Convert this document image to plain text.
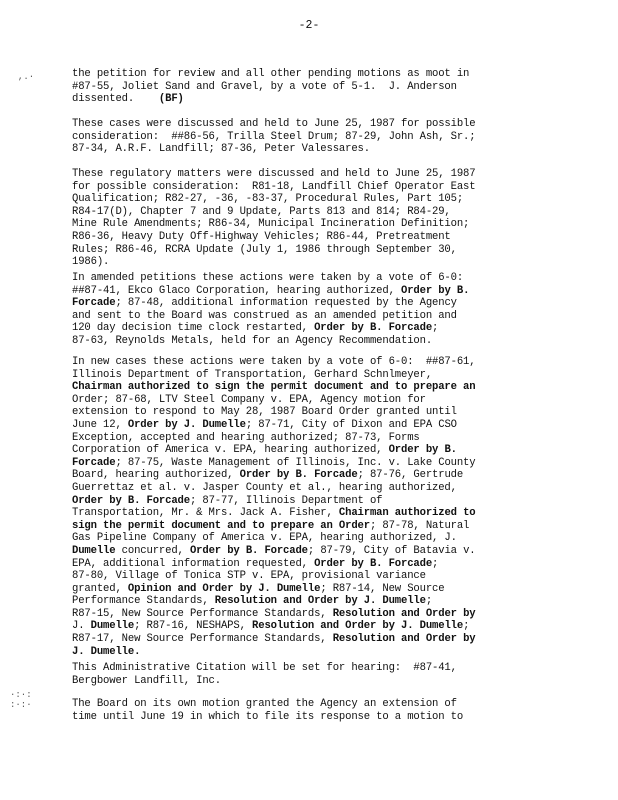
-2-
,.·
·:·:
:·:·
the petition for review and all other pending motions as moot in
#87-55, Joliet Sand and Gravel, by a vote of 5-1.  J. Anderson
dissented.    (BF)
These cases were discussed and held to June 25, 1987 for possible
consideration:  ##86-56, Trilla Steel Drum; 87-29, John Ash, Sr.;
87-34, A.R.F. Landfill; 87-36, Peter Valessares.
These regulatory matters were discussed and held to June 25, 1987
for possible consideration:  R81-18, Landfill Chief Operator East
Qualification; R82-27, -36, -83-37, Procedural Rules, Part 105;
R84-17(D), Chapter 7 and 9 Update, Parts 813 and 814; R84-29,
Mine Rule Amendments; R86-34, Municipal Incineration Definition;
R86-36, Heavy Duty Off-Highway Vehicles; R86-44, Pretreatment
Rules; R86-46, RCRA Update (July 1, 1986 through September 30,
1986).
In amended petitions these actions were taken by a vote of 6-0:
##87-41, Ekco Glaco Corporation, hearing authorized, Order by B.
Forcade; 87-48, additional information requested by the Agency
and sent to the Board was construed as an amended petition and
120 day decision time clock restarted, Order by B. Forcade;
87-63, Reynolds Metals, held for an Agency Recommendation.
In new cases these actions were taken by a vote of 6-0:  ##87-61,
Illinois Department of Transportation, Gerhard Schnlmeyer,
Chairman authorized to sign the permit document and to prepare an
Order; 87-68, LTV Steel Company v. EPA, Agency motion for
extension to respond to May 28, 1987 Board Order granted until
June 12, Order by J. Dumelle; 87-71, City of Dixon and EPA CSO
Exception, accepted and hearing authorized; 87-73, Forms
Corporation of America v. EPA, hearing authorized, Order by B.
Forcade; 87-75, Waste Management of Illinois, Inc. v. Lake County
Board, hearing authorized, Order by B. Forcade; 87-76, Gertrude
Guerrettaz et al. v. Jasper County et al., hearing authorized,
Order by B. Forcade; 87-77, Illinois Department of
Transportation, Mr. & Mrs. Jack A. Fisher, Chairman authorized to
sign the permit document and to prepare an Order; 87-78, Natural
Gas Pipeline Company of America v. EPA, hearing authorized, J.
Dumelle concurred, Order by B. Forcade; 87-79, City of Batavia v.
EPA, additional information requested, Order by B. Forcade;
87-80, Village of Tonica STP v. EPA, provisional variance
granted, Opinion and Order by J. Dumelle; R87-14, New Source
Performance Standards, Resolution and Order by J. Dumelle;
R87-15, New Source Performance Standards, Resolution and Order by
J. Dumelle; R87-16, NESHAPS, Resolution and Order by J. Dumelle;
R87-17, New Source Performance Standards, Resolution and Order by
J. Dumelle.
This Administrative Citation will be set for hearing:  #87-41,
Bergbower Landfill, Inc.
The Board on its own motion granted the Agency an extension of
time until June 19 in which to file its response to a motion to
